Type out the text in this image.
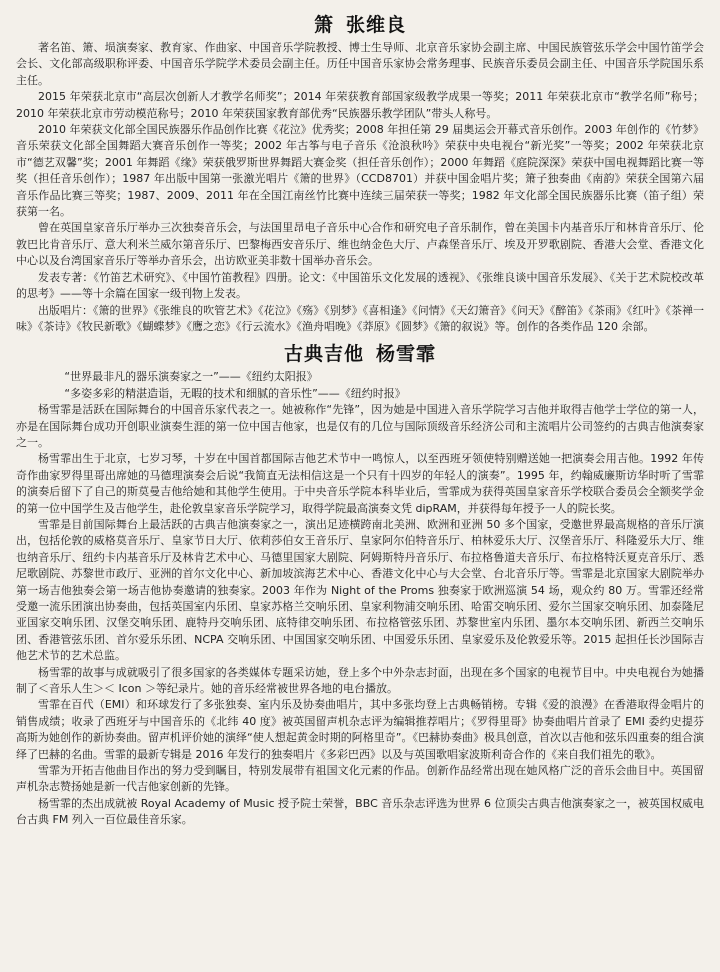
箫 张维良

著名笛、箫、埙演奏家、教育家、作曲家、中国音乐学院教授、博士生导师、北京音乐家协会副主席、中国民族管弦乐学会中国竹笛学会会长、文化部高级职称评委、中国音乐学院学术委员会副主任。历任中国音乐家协会常务理事、民族音乐委员会副主任、中国音乐学院国乐系主任。

2015 年荣获北京市“高层次创新人才教学名师奖”；2014 年荣获教育部国家级教学成果一等奖；2011 年荣获北京市“教学名师”称号；2010 年荣获北京市劳动模范称号；2010 年荣获国家教育部优秀“民族器乐教学团队”带头人称号。

2010 年荣获文化部全国民族器乐作品创作比赛《花泣》优秀奖；2008 年担任第 29 届奥运会开幕式音乐创作。2003 年创作的《竹梦》音乐荣获文化部全国舞蹈大赛音乐创作一等奖；2002 年古筝与电子音乐《沧浪秋吟》荣获中央电视台“新光奖”一等奖；2002 年荣获北京市“德艺双馨”奖；2001 年舞蹈《缘》荣获俄罗斯世界舞蹈大赛金奖（担任音乐创作）；2000 年舞蹈《庭院深深》荣获中国电视舞蹈比赛一等奖（担任音乐创作）；1987 年出版中国第一张激光唱片《箫的世界》（CCD8701）并获中国金唱片奖；箫子独奏曲《南韵》荣获全国第六届音乐作品比赛三等奖；1987、2009、2011 年在全国江南丝竹比赛中连续三届荣获一等奖；1982 年文化部全国民族器乐比赛（笛子组）荣获第一名。

曾在英国皇家音乐厅举办三次独奏音乐会，与法国里昂电子音乐中心合作和研究电子音乐制作，曾在美国卡内基音乐厅和林肯音乐厅、伦敦巴比肯音乐厅、意大利米兰威尔第音乐厅、巴黎梅西安音乐厅、维也纳金色大厅、卢森堡音乐厅、埃及开罗歌剧院、香港大会堂、香港文化中心以及台湾国家音乐厅等举办音乐会，出访欧亚美非数十国举办音乐会。

发表专著：《竹笛艺术研究》、《中国竹笛教程》四册。论文：《中国笛乐文化发展的透视》、《张维良谈中国音乐发展》、《关于艺术院校改革的思考》——等十余篇在国家一级刊物上发表。

出版唱片：《箫的世界》《张维良的吹管艺术》《花泣》《殇》《别梦》《喜相逢》《问情》《天幻箫音》《问天》《醉笛》《茶雨》《红叶》《茶禅一味》《茶诗》《牧民新歌》《蝴蝶梦》《鹰之恋》《行云流水》《渔舟唱晚》《莽原》《圆梦》《箫的叙说》等。创作的各类作品 120 余部。

古典吉他 杨雪霏

“世界最非凡的器乐演奏家之一”——《纽约太阳报》

“多姿多彩的精湛造诣，无暇的技术和细腻的音乐性”——《纽约时报》

杨雪霏是活跃在国际舞台的中国音乐家代表之一。她被称作“先锋”，因为她是中国进入音乐学院学习吉他并取得吉他学士学位的第一人，亦是在国际舞台成功开创职业演奏生涯的第一位中国吉他家，也是仅有的几位与国际顶级音乐经济公司和主流唱片公司签约的古典吉他演奏家之一。

杨雪霏出生于北京，七岁习琴，十岁在中国首都国际吉他艺术节中一鸣惊人，以至西班牙领使特别赠送她一把演奏会用吉他。1992 年传奇作曲家罗得里哥出席她的马德理演奏会后说“我简直无法相信这是一个只有十四岁的年轻人的演奏”。1995 年，约翰威廉斯访华时听了雪霏的演奏后留下了自己的斯莫曼吉他给她和其他学生使用。于中央音乐学院本科毕业后，雪霏成为获得英国皇家音乐学校联合委员会全额奖学金的第一位中国学生及吉他学生，赴伦敦皇家音乐学院学习，取得学院最高演奏文凭 dipRAM，并获得每年授予一人的院长奖。

雪霏是目前国际舞台上最活跃的古典吉他演奏家之一，演出足迹横跨南北美洲、欧洲和亚洲 50 多个国家，受邀世界最高规格的音乐厅演出，包括伦敦的威格莫音乐厅、皇家节日大厅、依莉莎伯女王音乐厅、皇家阿尔伯特音乐厅、柏林爱乐大厅、汉堡音乐厅、科隆爱乐大厅、维也纳音乐厅、纽约卡内基音乐厅及林肯艺术中心、马德里国家大剧院、阿姆斯特丹音乐厅、布拉格鲁道夫音乐厅、布拉格特沃夏克音乐厅、悉尼歌剧院、苏黎世市政厅、亚洲的首尔文化中心、新加坡滨海艺术中心、香港文化中心与大会堂、台北音乐厅等。雪霏是北京国家大剧院举办第一场吉他独奏会第一场吉他协奏邀请的独奏家。2003 年作为 Night of the Proms 独奏家于欧洲巡演 54 场，观众约 80 万。雪霏还经常受邀一流乐团演出协奏曲，包括英国室内乐团、皇家苏格兰交响乐团、皇家利物浦交响乐团、哈雷交响乐团、爱尔兰国家交响乐团、加泰隆尼亚国家交响乐团、汉堡交响乐团、鹿特丹交响乐团、底特律交响乐团、布拉格管弦乐团、苏黎世室内乐团、墨尔本交响乐团、新西兰交响乐团、香港管弦乐团、首尔爱乐乐团、NCPA 交响乐团、中国国家交响乐团、中国爱乐乐团、皇家爱乐及伦敦爱乐等。2015 起担任长沙国际吉他艺术节的艺术总监。

杨雪霏的故事与成就吸引了很多国家的各类媒体专题采访她，登上多个中外杂志封面，出现在多个国家的电视节目中。中央电视台为她播制了＜音乐人生＞＜ Icon ＞等纪录片。她的音乐经常被世界各地的电台播放。

雪霏在百代（EMI）和环球发行了多张独奏、室内乐及协奏曲唱片，其中多张均登上古典畅销榜。专辑《爱的浪漫》在香港取得金唱片的销售成绩；收录了西班牙与中国音乐的《北纬 40 度》被英国留声机杂志评为编辑推荐唱片；《罗得里哥》协奏曲唱片首录了 EMI 委约史提芬高斯为她创作的新协奏曲。留声机评价她的演绎“使人想起黄金时期的阿格里奇”。《巴赫协奏曲》极具创意，首次以吉他和弦乐四重奏的组合演绎了巴赫的名曲。雪霏的最新专辑是 2016 年发行的独奏唱片《多彩巴西》以及与英国歌唱家波斯利奇合作的《来自我们祖先的歌》。

雪霏为开拓吉他曲目作出的努力受到瞩目，特别发展带有祖国文化元素的作品。创新作品经常出现在她风格广泛的音乐会曲目中。英国留声机杂志赞扬她是新一代吉他家创新的先锋。

杨雪霏的杰出成就被 Royal Academy of Music 授予院士荣誉，BBC 音乐杂志评选为世界 6 位顶尖古典吉他演奏家之一，被英国权威电台古典 FM 列入一百位最佳音乐家。
